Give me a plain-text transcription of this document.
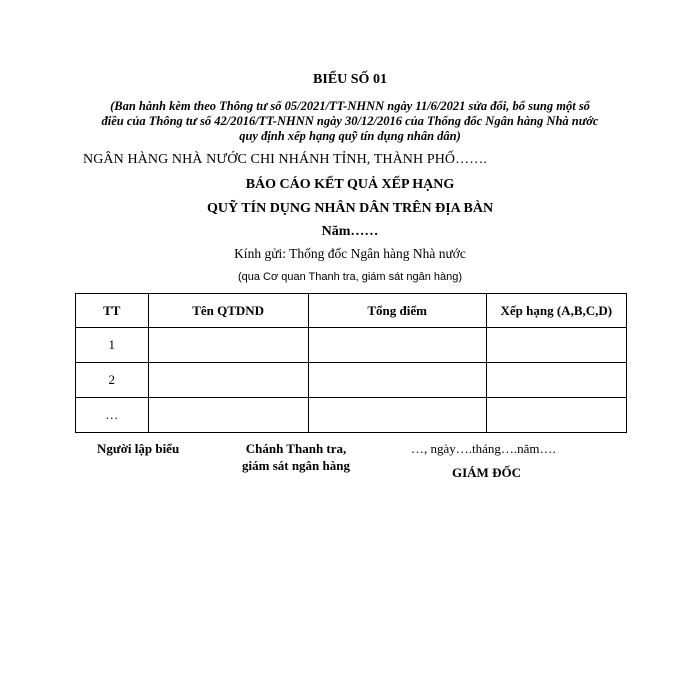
BIỂU SỐ 01
(Ban hành kèm theo Thông tư số 05/2021/TT-NHNN ngày 11/6/2021 sửa đổi, bổ sung một số
điều của Thông tư số 42/2016/TT-NHNN ngày 30/12/2016 của Thống đốc Ngân hàng Nhà nước
quy định xếp hạng quỹ tín dụng nhân dân)
NGÂN HÀNG NHÀ NƯỚC CHI NHÁNH TỈNH, THÀNH PHỐ…….
BÁO CÁO KẾT QUẢ XẾP HẠNG
QUỸ TÍN DỤNG NHÂN DÂN TRÊN ĐỊA BÀN
Năm……
Kính gửi: Thống đốc Ngân hàng Nhà nước
(qua Cơ quan Thanh tra, giám sát ngân hàng)
TT	Tên QTDND	Tổng điểm	Xếp hạng (A,B,C,D)
1			
2			
…			
Người lập biểu	Chánh Thanh tra,
giám sát ngân hàng
…, ngày….tháng….năm….
GIÁM ĐỐC
